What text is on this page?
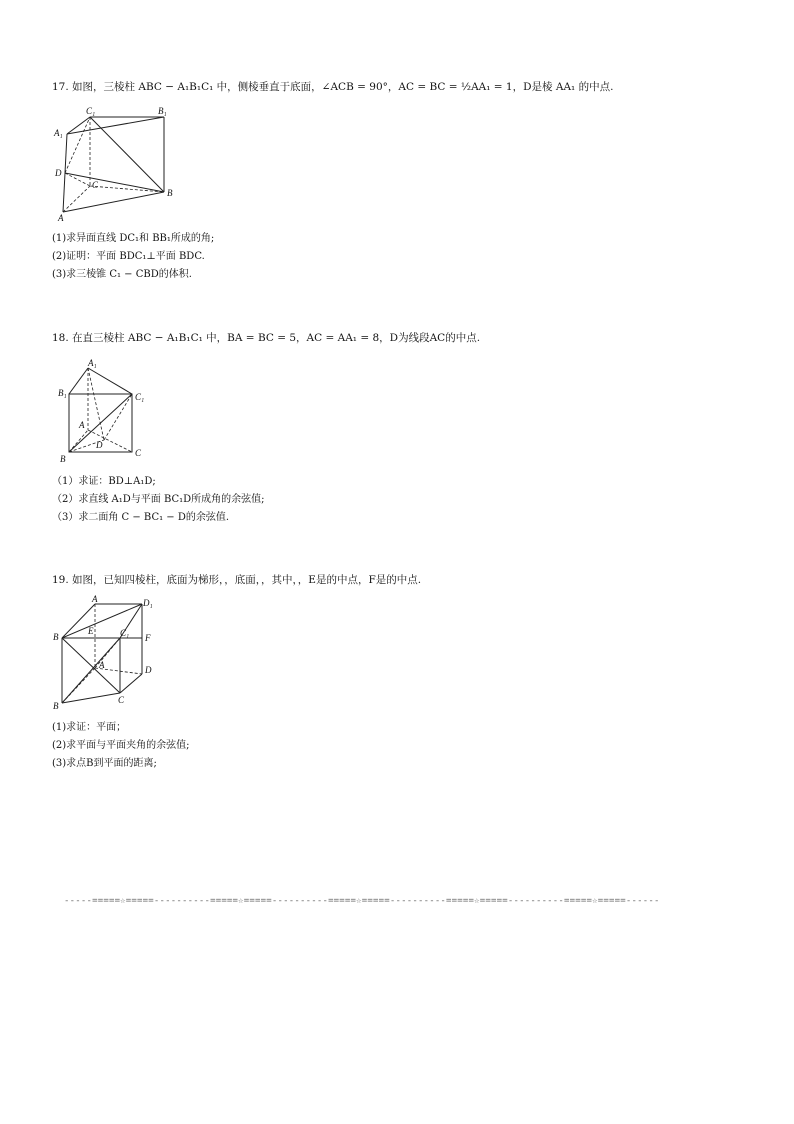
17. 如图，三棱柱 ABC − A₁B₁C₁ 中，侧棱垂直于底面，∠ACB = 90°，AC = BC = ½AA₁ = 1，D是棱 AA₁ 的中点.
C₁	B₁
A₁
D
C
B
A
(1)求异面直线 DC₁和 BB₁所成的角;
(2)证明：平面 BDC₁⊥平面 BDC.
(3)求三棱锥 C₁ − CBD的体积.
18. 在直三棱柱 ABC − A₁B₁C₁ 中，BA = BC = 5，AC = AA₁ = 8，D为线段AC的中点.
A₁
B₁	C₁
A
D
B
C
（1）求证：BD⊥A₁D;
（2）求直线 A₁D与平面 BC₁D所成角的余弦值;
（3）求二面角 C − BC₁ − D的余弦值.
19. 如图，已知四棱柱，底面为梯形，，底面，，其中，，E是的中点，F是的中点.
A	D₁
B
E	C₁ F
A	D
B
C
(1)求证：平面；
(2)求平面与平面夹角的余弦值;
(3)求点B到平面的距离;
-----=====☆=====----------=====☆=====----------=====☆=====----------=====☆=====----------=====☆=====------
